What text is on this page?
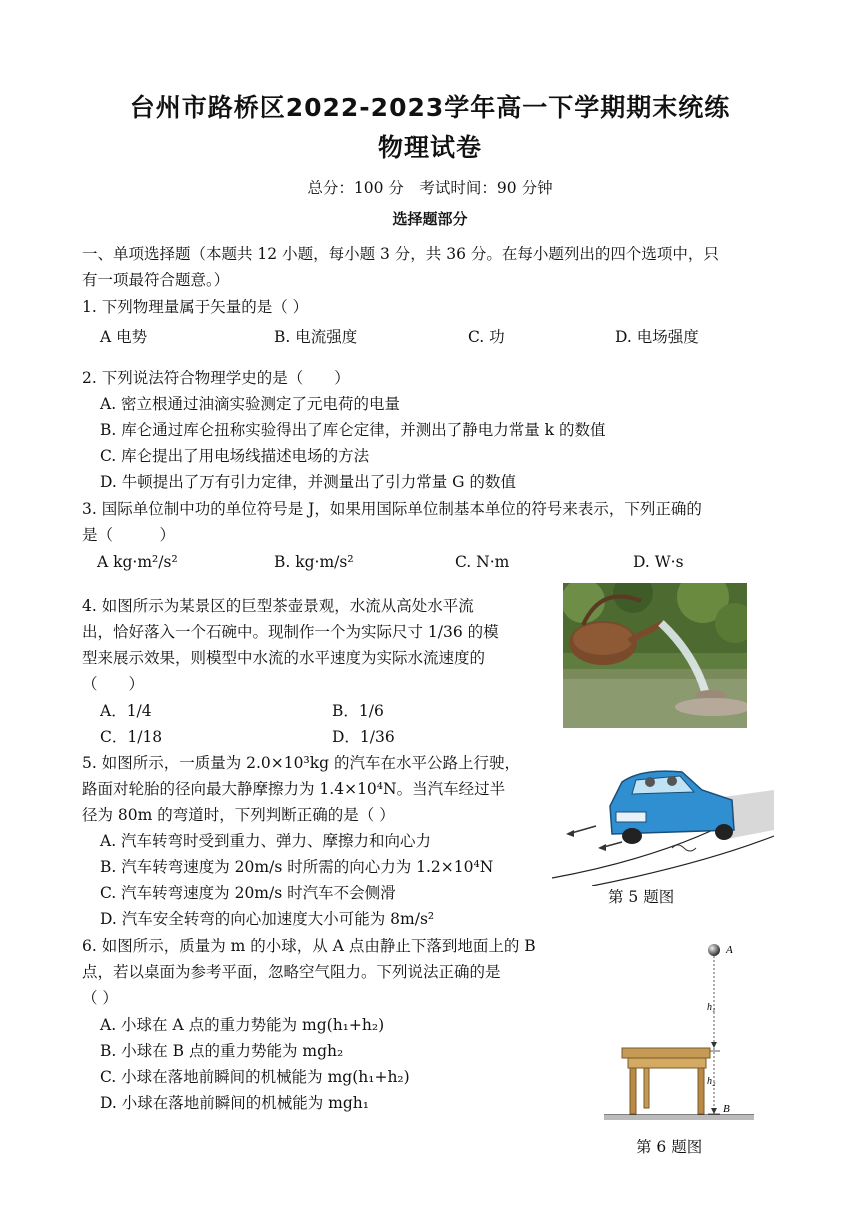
台州市路桥区2022-2023学年高一下学期期末统练
物理试卷
总分：100 分　考试时间：90 分钟
选择题部分
一、单项选择题（本题共 12 小题，每小题 3 分，共 36 分。在每小题列出的四个选项中，只
有一项最符合题意。）
1. 下列物理量属于矢量的是（ ）
A 电势	B. 电流强度	C. 功	D. 电场强度
2. 下列说法符合物理学史的是（　　）
A. 密立根通过油滴实验测定了元电荷的电量
B. 库仑通过库仑扭称实验得出了库仑定律，并测出了静电力常量 k 的数值
C. 库仑提出了用电场线描述电场的方法
D. 牛顿提出了万有引力定律，并测量出了引力常量 G 的数值
3. 国际单位制中功的单位符号是 J，如果用国际单位制基本单位的符号来表示，下列正确的
是（　　　）
A kg·m²/s²	B. kg·m/s²	C. N·m	D. W·s
4. 如图所示为某景区的巨型茶壶景观，水流从高处水平流
出，恰好落入一个石碗中。现制作一个为实际尺寸 1/36 的模
型来展示效果，则模型中水流的水平速度为实际水流速度的
（　　）
A．1/4	B．1/6
C．1/18	D．1/36
5. 如图所示，一质量为 2.0×10³kg 的汽车在水平公路上行驶，
路面对轮胎的径向最大静摩擦力为 1.4×10⁴N。当汽车经过半
径为 80m 的弯道时，下列判断正确的是（ ）
A. 汽车转弯时受到重力、弹力、摩擦力和向心力
B. 汽车转弯速度为 20m/s 时所需的向心力为 1.2×10⁴N
C. 汽车转弯速度为 20m/s 时汽车不会侧滑
D. 汽车安全转弯的向心加速度大小可能为 8m/s²
第 5 题图
6. 如图所示，质量为 m 的小球，从 A 点由静止下落到地面上的 B
点，若以桌面为参考平面，忽略空气阻力。下列说法正确的是
（ ）
A. 小球在 A 点的重力势能为 mg(h₁+h₂)
B. 小球在 B 点的重力势能为 mgh₂
C. 小球在落地前瞬间的机械能为 mg(h₁+h₂)
D. 小球在落地前瞬间的机械能为 mgh₁
A
B
h₁
h₂
第 6 题图
